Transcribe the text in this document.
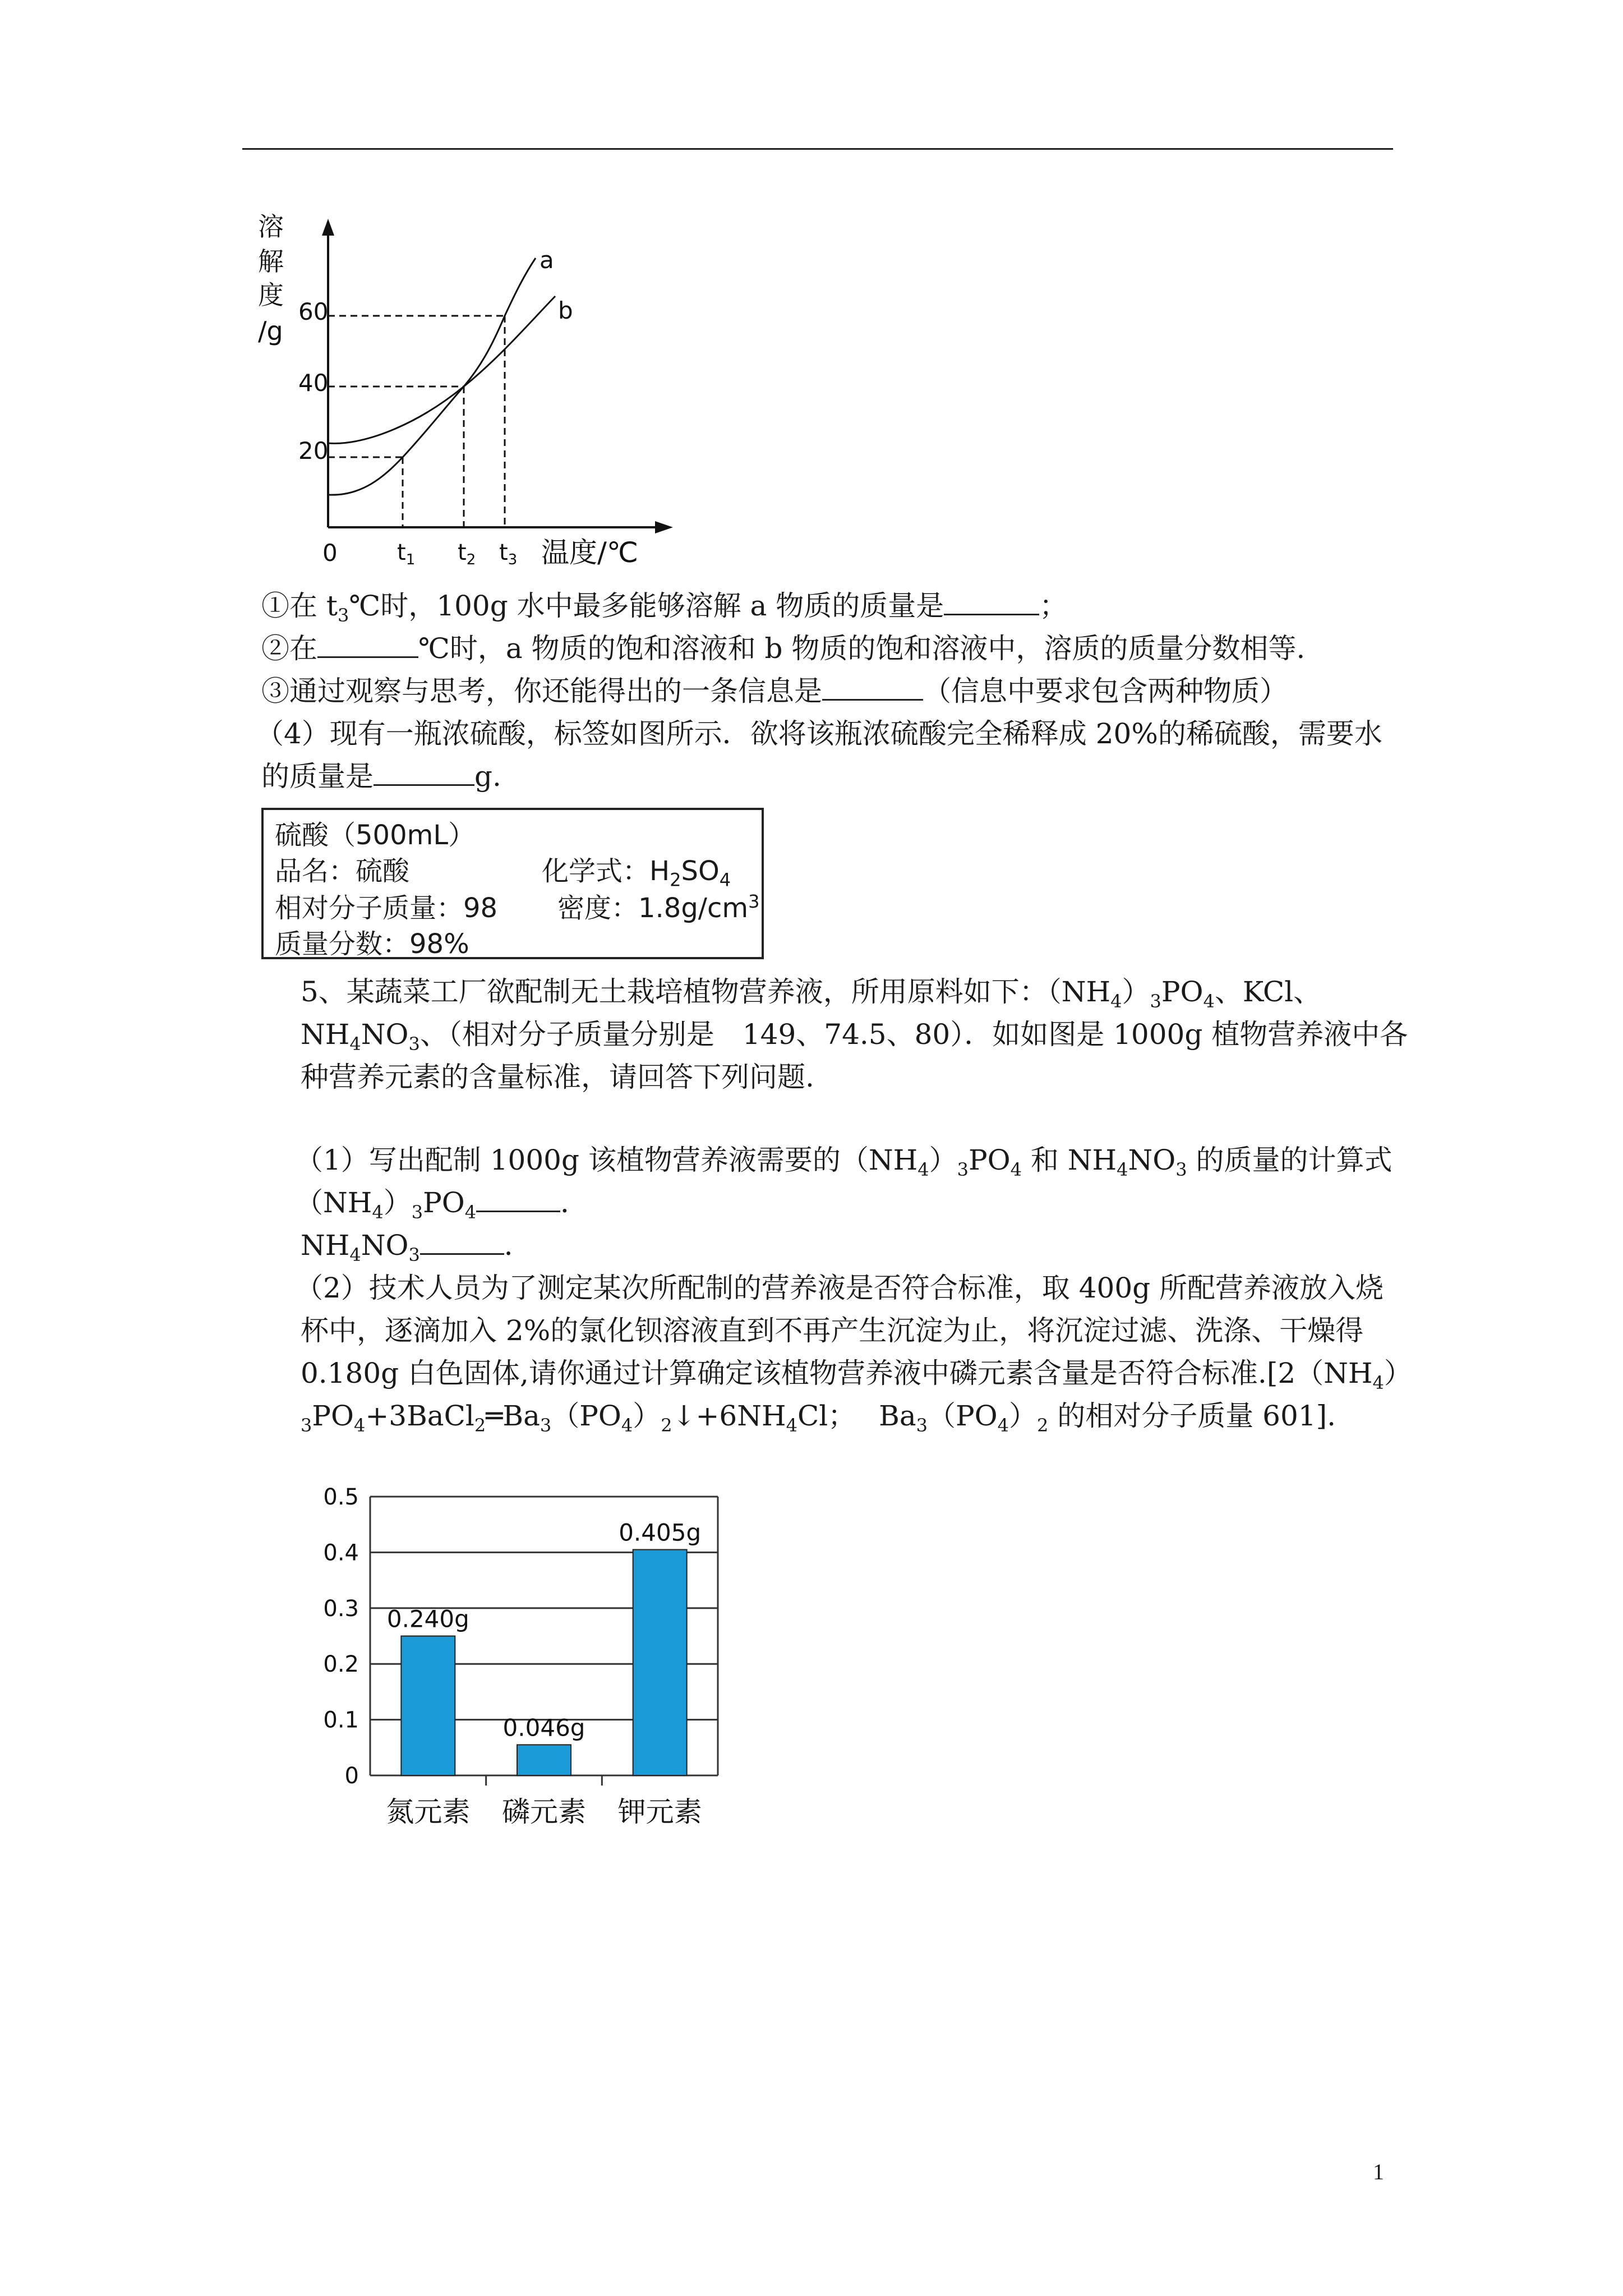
溶
解
度
/g
60
40
20
0
a
b
$t_1$ $t_2$ $t_3$ 温度/℃
①在 $t_3℃$时，100g 水中最多能够溶解 a 物质的质量是	；
②在	℃时，a 物质的饱和溶液和 b 物质的饱和溶液中，溶质的质量分数相等.
③通过观察与思考，你还能得出的一条信息是	（信息中要求包含两种物质）
（4）现有一瓶浓硫酸，标签如图所示．欲将该瓶浓硫酸完全稀释成 20%的稀硫酸，需要水
的质量是	g.
硫酸（500mL）
品名：硫酸	化学式：$H_2SO_4$
相对分子质量：98 密度：$1.8g/cm^3$
质量分数：98%
5、某蔬菜工厂欲配制无土栽培植物营养液，所用原料如下：$(NH_4)_3PO_4$、KCl、
$NH_4NO_3$、（相对分子质量分别是　149、74.5、80）．如如图是 1000g 植物营养液中各
种营养元素的含量标准，请回答下列问题.
（1）写出配制 1000g 该植物营养液需要的$(NH_4)_3PO_4$ 和 $NH_4NO_3$ 的质量的计算式
$(NH_4)_3PO_4$	．
$NH_4NO_3$	．
（2）技术人员为了测定某次所配制的营养液是否符合标准，取 400g 所配营养液放入烧
杯中，逐滴加入 2%的氯化钡溶液直到不再产生沉淀为止，将沉淀过滤、洗涤、干燥得
0.180g 白色固体,请你通过计算确定该植物营养液中磷元素含量是否符合标准$.[2(NH_4)$
$_3PO_4+3BaCl_2═Ba_3(PO_4)_2↓+6NH_4Cl$；　 $Ba_3(PO_4)_2$ 的相对分子质量 601].
0.5
0.4
0.3
0.2
0.1
0
0.240g
氮元素
0.046g
磷元素
0.405g
钾元素
1
